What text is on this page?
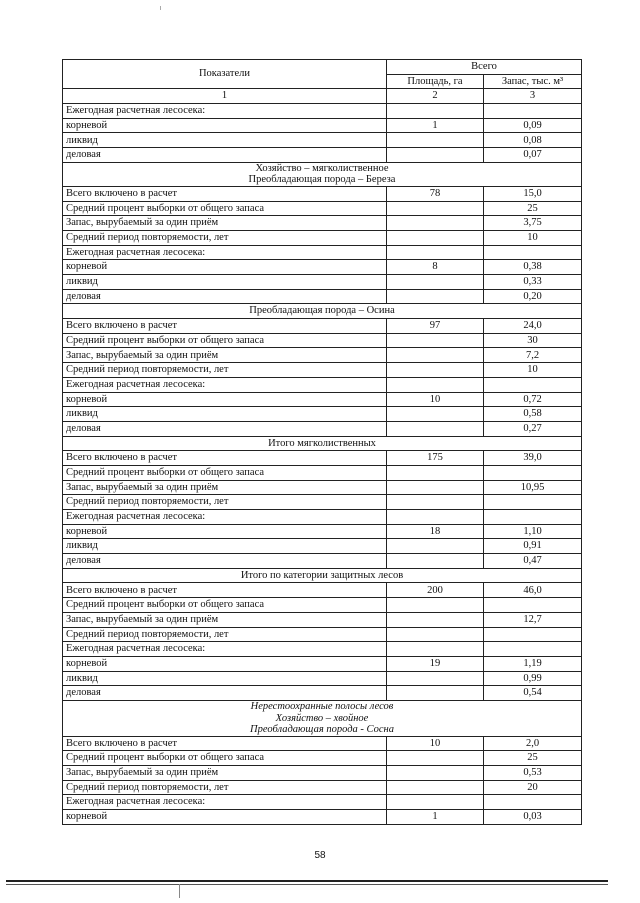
Показатели	Всего	
	Площадь, га	Запас, тыс. м³
1	2	3
Ежегодная расчетная лесосека:		
корневой	1	0,09
ликвид		0,08
деловая		0,07

Хозяйство – мягколиственное
Преобладающая порода – Береза		

Всего включено в расчет	78	15,0
Средний процент выборки от общего запаса		25
Запас, вырубаемый за один приём		3,75
Средний период повторяемости, лет		10
Ежегодная расчетная лесосека:		
корневой	8	0,38
ликвид		0,33
деловая		0,20

Преобладающая порода – Осина		

Всего включено в расчет	97	24,0
Средний процент выборки от общего запаса		30
Запас, вырубаемый за один приём		7,2
Средний период повторяемости, лет		10
Ежегодная расчетная лесосека:		
корневой	10	0,72
ликвид		0,58
деловая		0,27

Итого мягколиственных		

Всего включено в расчет	175	39,0
Средний процент выборки от общего запаса		
Запас, вырубаемый за один приём		10,95
Средний период повторяемости, лет		
Ежегодная расчетная лесосека:		
корневой	18	1,10
ликвид		0,91
деловая		0,47

Итого по категории защитных лесов		

Всего включено в расчет	200	46,0
Средний процент выборки от общего запаса		
Запас, вырубаемый за один приём		12,7
Средний период повторяемости, лет		
Ежегодная расчетная лесосека:		
корневой	19	1,19
ликвид		0,99
деловая		0,54

Нерестоохранные полосы лесов
Хозяйство – хвойное
Преобладающая порода - Сосна		

Всего включено в расчет	10	2,0
Средний процент выборки от общего запаса		25
Запас, вырубаемый за один приём		0,53
Средний период повторяемости, лет		20
Ежегодная расчетная лесосека:		
корневой	1	0,03
58
